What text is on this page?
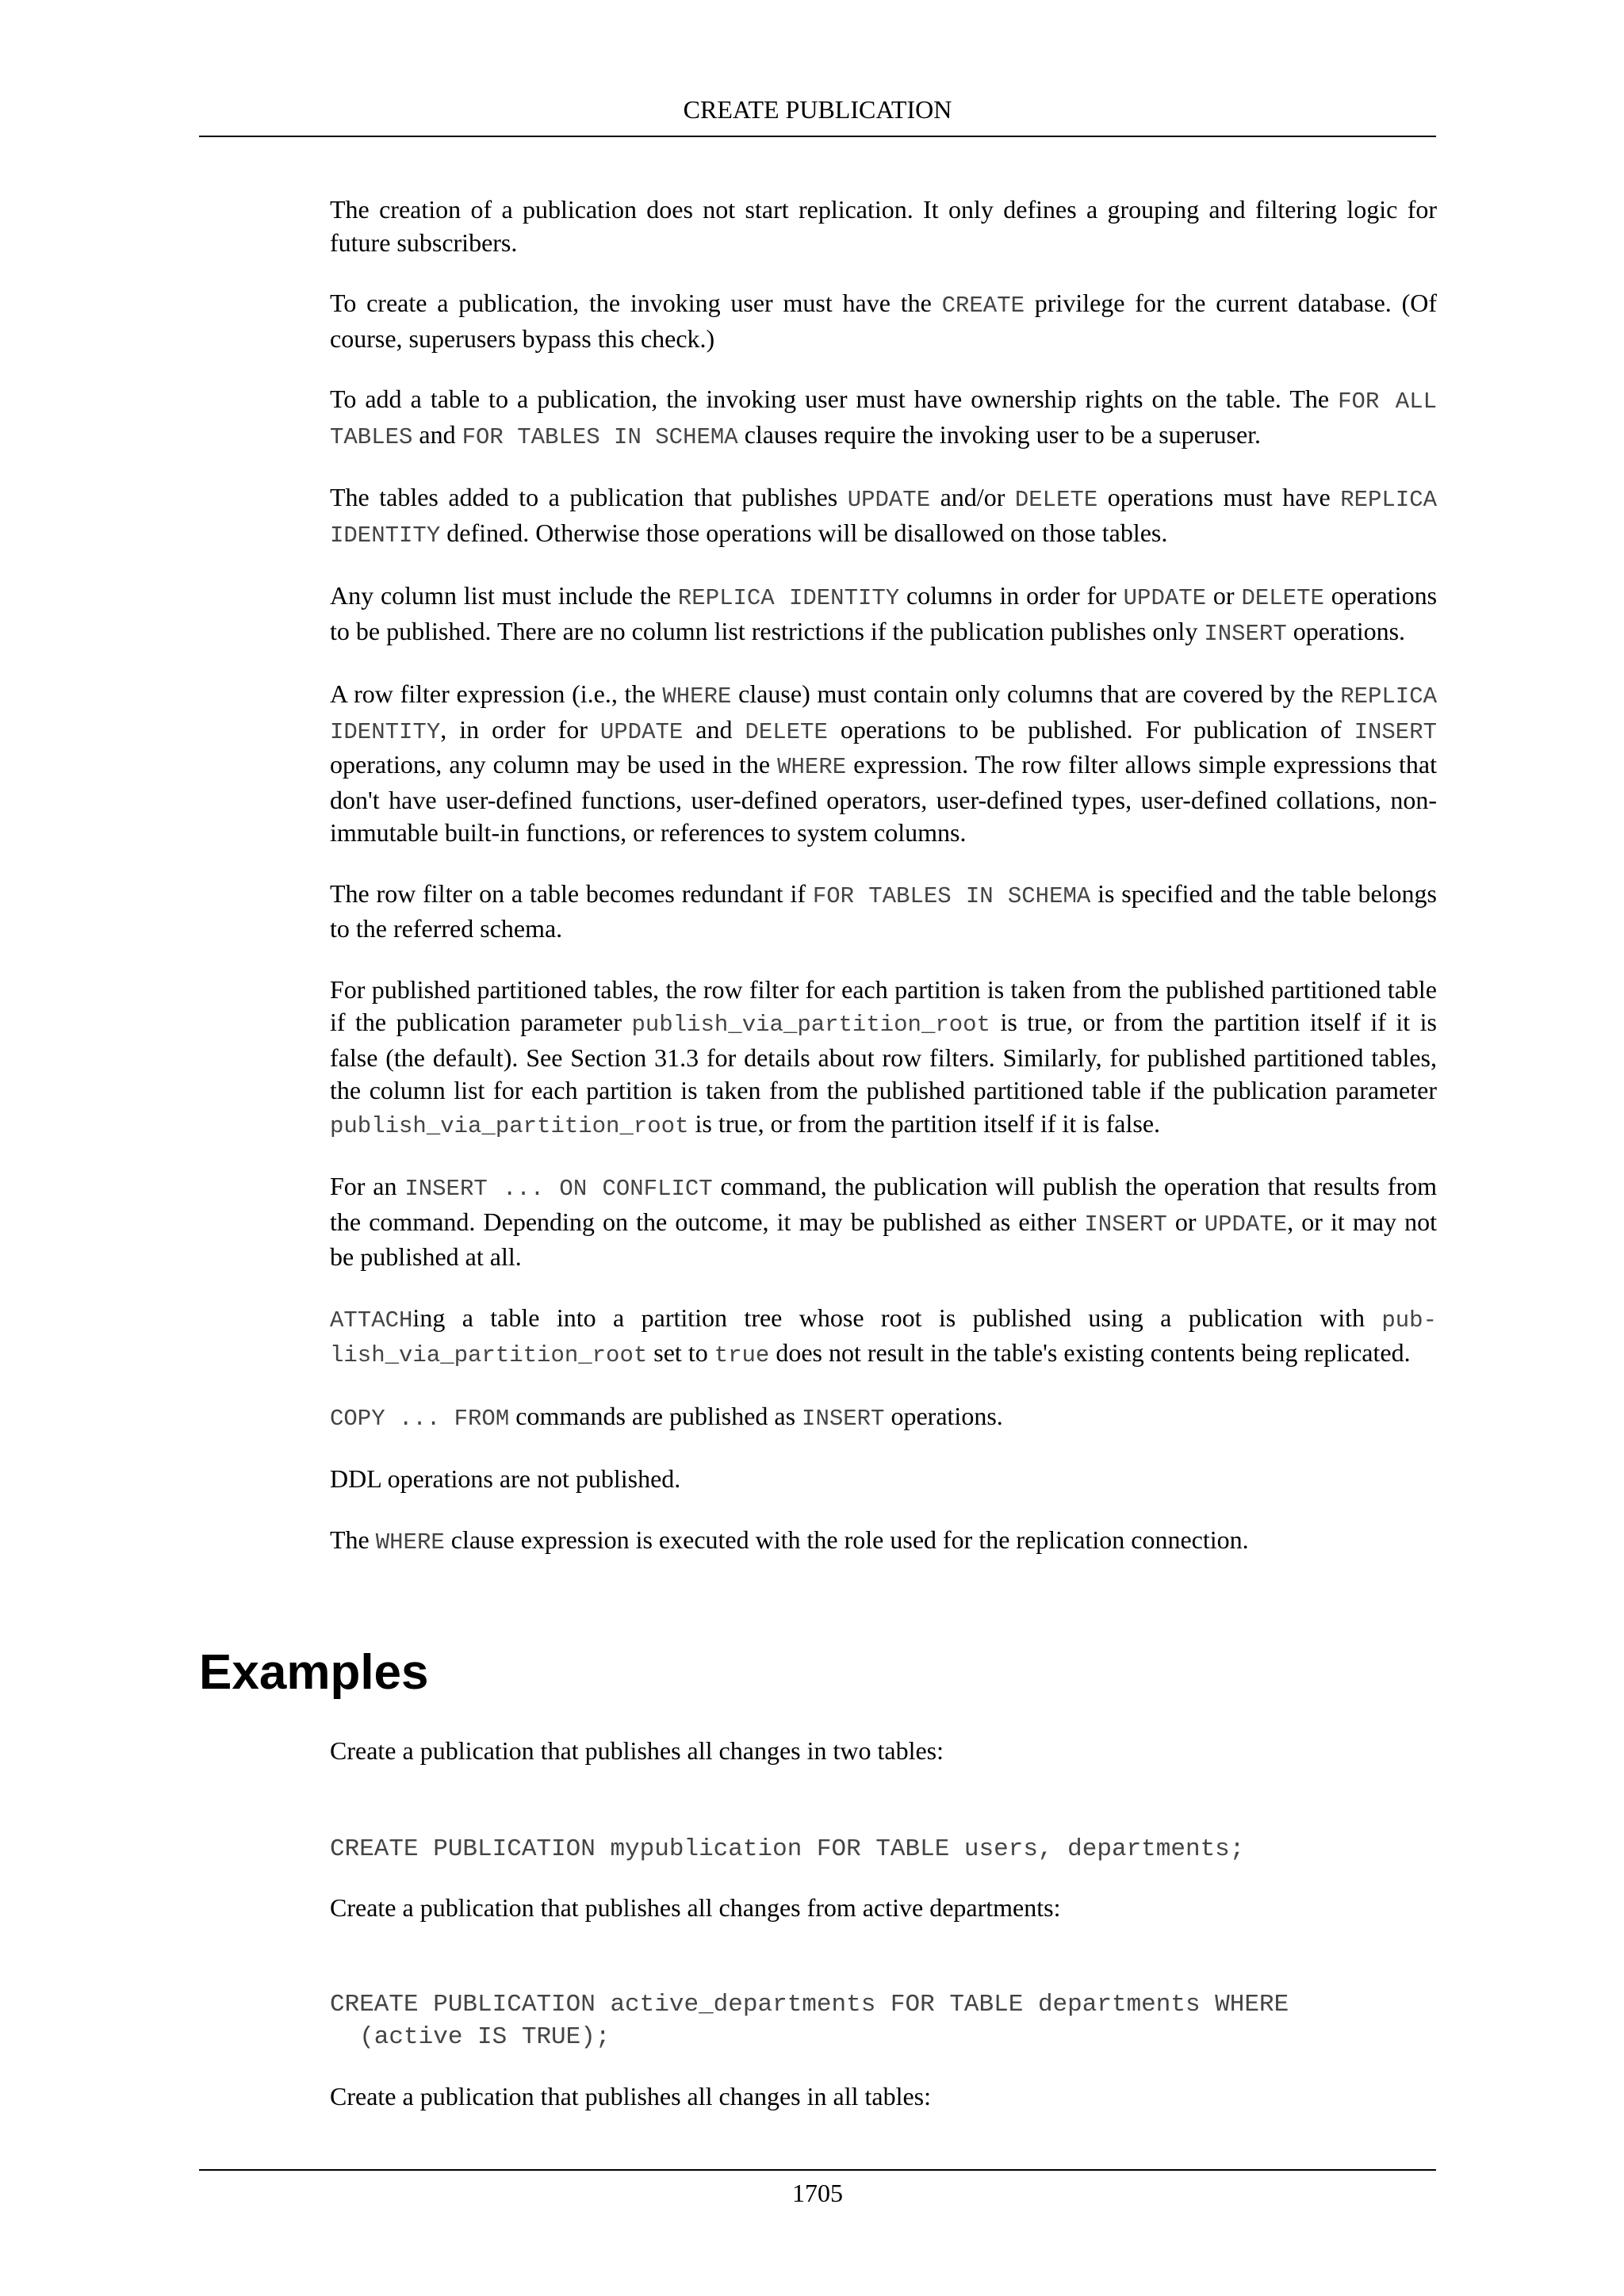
CREATE PUBLICATION

The creation of a publication does not start replication. It only defines a grouping and filtering logic for future subscribers.

To create a publication, the invoking user must have the CREATE privilege for the current database. (Of course, superusers bypass this check.)

To add a table to a publication, the invoking user must have ownership rights on the table. The FOR ALL TABLES and FOR TABLES IN SCHEMA clauses require the invoking user to be a superuser.

The tables added to a publication that publishes UPDATE and/or DELETE operations must have REPLICA IDENTITY defined. Otherwise those operations will be disallowed on those tables.

Any column list must include the REPLICA IDENTITY columns in order for UPDATE or DELETE operations to be published. There are no column list restrictions if the publication publishes only INSERT operations.

A row filter expression (i.e., the WHERE clause) must contain only columns that are covered by the REPLICA IDENTITY, in order for UPDATE and DELETE operations to be published. For publication of INSERT operations, any column may be used in the WHERE expression. The row filter allows simple expressions that don't have user-defined functions, user-defined operators, user-defined types, user-defined collations, non-immutable built-in functions, or references to system columns.

The row filter on a table becomes redundant if FOR TABLES IN SCHEMA is specified and the table belongs to the referred schema.

For published partitioned tables, the row filter for each partition is taken from the published partitioned table if the publication parameter publish_via_partition_root is true, or from the partition itself if it is false (the default). See Section 31.3 for details about row filters. Similarly, for published partitioned tables, the column list for each partition is taken from the published partitioned table if the publication parameter publish_via_partition_root is true, or from the partition itself if it is false.

For an INSERT ... ON CONFLICT command, the publication will publish the operation that results from the command. Depending on the outcome, it may be published as either INSERT or UPDATE, or it may not be published at all.

ATTACHing a table into a partition tree whose root is published using a publication with publish_via_partition_root set to true does not result in the table's existing contents being replicated.

COPY ... FROM commands are published as INSERT operations.

DDL operations are not published.

The WHERE clause expression is executed with the role used for the replication connection.

Examples

Create a publication that publishes all changes in two tables:

CREATE PUBLICATION mypublication FOR TABLE users, departments;

Create a publication that publishes all changes from active departments:

CREATE PUBLICATION active_departments FOR TABLE departments WHERE
(active IS TRUE);

Create a publication that publishes all changes in all tables:

1705
